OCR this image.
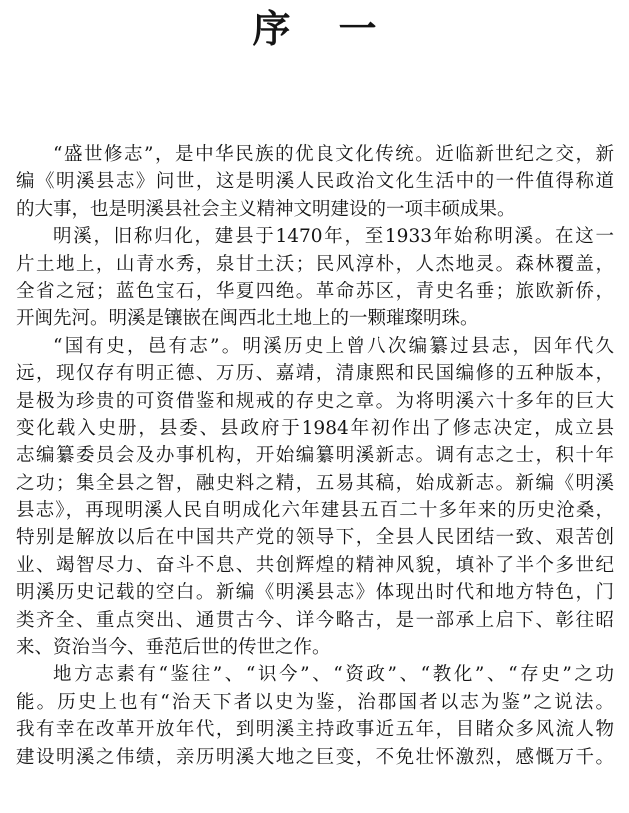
序一
“盛世修志”，是中华民族的优良文化传统。近临新世纪之交，新
编《明溪县志》问世，这是明溪人民政治文化生活中的一件值得称道
的大事，也是明溪县社会主义精神文明建设的一项丰硕成果。
明溪，旧称归化，建县于1470年，至1933年始称明溪。在这一
片土地上，山青水秀，泉甘土沃；民风淳朴，人杰地灵。森林覆盖，
全省之冠；蓝色宝石，华夏四绝。革命苏区，青史名垂；旅欧新侨，
开闽先河。明溪是镶嵌在闽西北土地上的一颗璀璨明珠。
“国有史，邑有志”。明溪历史上曾八次编纂过县志，因年代久
远，现仅存有明正德、万历、嘉靖，清康熙和民国编修的五种版本，
是极为珍贵的可资借鉴和规戒的存史之章。为将明溪六十多年的巨大
变化载入史册，县委、县政府于1984年初作出了修志决定，成立县
志编纂委员会及办事机构，开始编纂明溪新志。调有志之士，积十年
之功；集全县之智，融史料之精，五易其稿，始成新志。新编《明溪
县志》，再现明溪人民自明成化六年建县五百二十多年来的历史沧桑，
特别是解放以后在中国共产党的领导下，全县人民团结一致、艰苦创
业、竭智尽力、奋斗不息、共创辉煌的精神风貌，填补了半个多世纪
明溪历史记载的空白。新编《明溪县志》体现出时代和地方特色，门
类齐全、重点突出、通贯古今、详今略古，是一部承上启下、彰往昭
来、资治当今、垂范后世的传世之作。
地方志素有“鉴往”、“识今”、“资政”、“教化”、“存史”之功
能。历史上也有“治天下者以史为鉴，治郡国者以志为鉴”之说法。
我有幸在改革开放年代，到明溪主持政事近五年，目睹众多风流人物
建设明溪之伟绩，亲历明溪大地之巨变，不免壮怀激烈，感慨万千。
